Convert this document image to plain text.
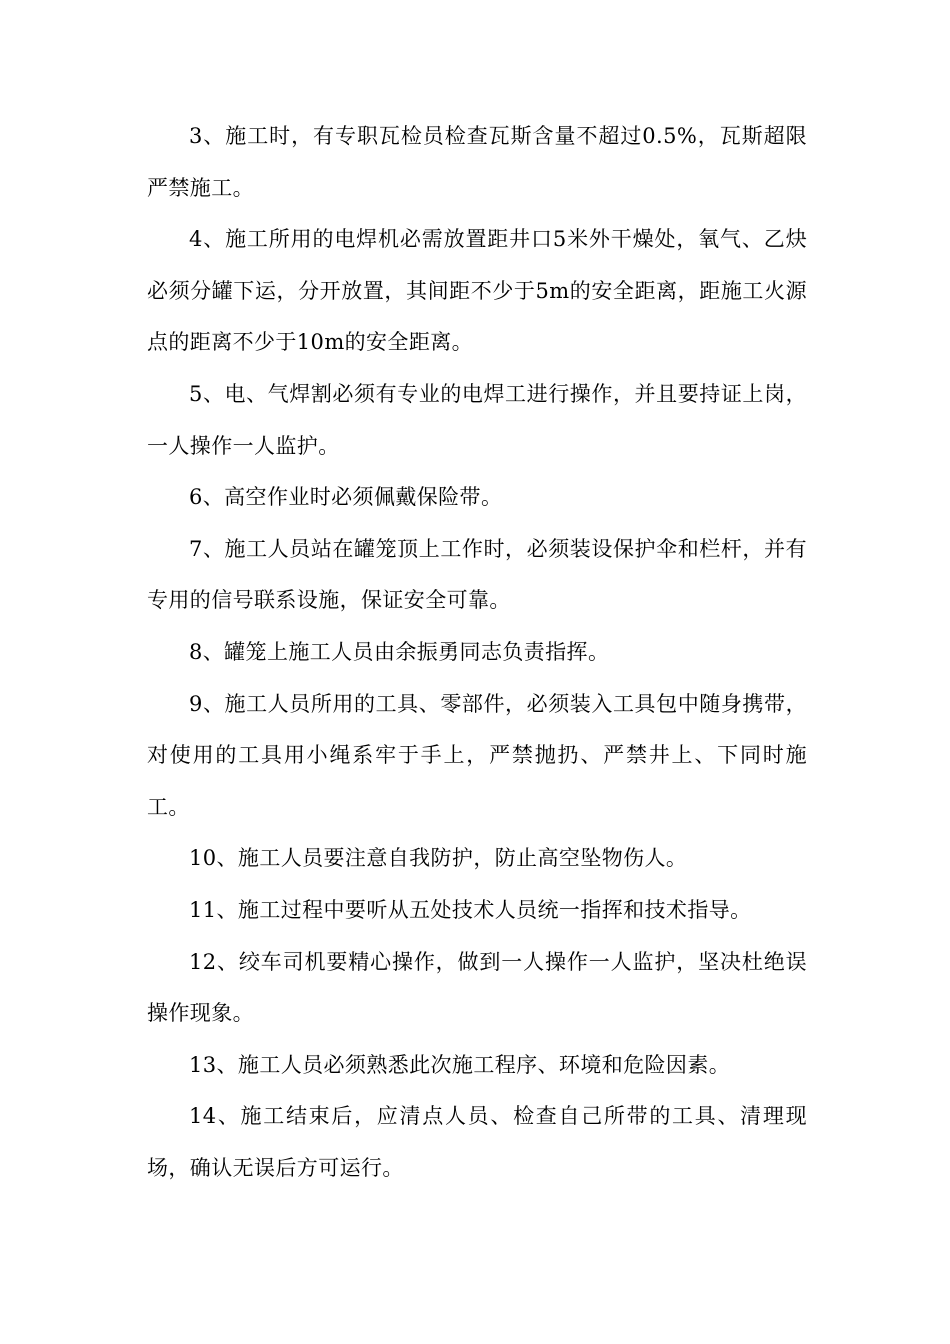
3、施工时，有专职瓦检员检查瓦斯含量不超过0.5%，瓦斯超限严禁施工。

4、施工所用的电焊机必需放置距井口5米外干燥处，氧气、乙炔必须分罐下运，分开放置，其间距不少于5m的安全距离，距施工火源点的距离不少于10m的安全距离。

5、电、气焊割必须有专业的电焊工进行操作，并且要持证上岗，一人操作一人监护。

6、高空作业时必须佩戴保险带。

7、施工人员站在罐笼顶上工作时，必须装设保护伞和栏杆，并有专用的信号联系设施，保证安全可靠。

8、罐笼上施工人员由余振勇同志负责指挥。

9、施工人员所用的工具、零部件，必须装入工具包中随身携带，对使用的工具用小绳系牢于手上，严禁抛扔、严禁井上、下同时施工。

10、施工人员要注意自我防护，防止高空坠物伤人。

11、施工过程中要听从五处技术人员统一指挥和技术指导。

12、绞车司机要精心操作，做到一人操作一人监护，坚决杜绝误操作现象。

13、施工人员必须熟悉此次施工程序、环境和危险因素。

14、施工结束后，应清点人员、检查自己所带的工具、清理现场，确认无误后方可运行。
